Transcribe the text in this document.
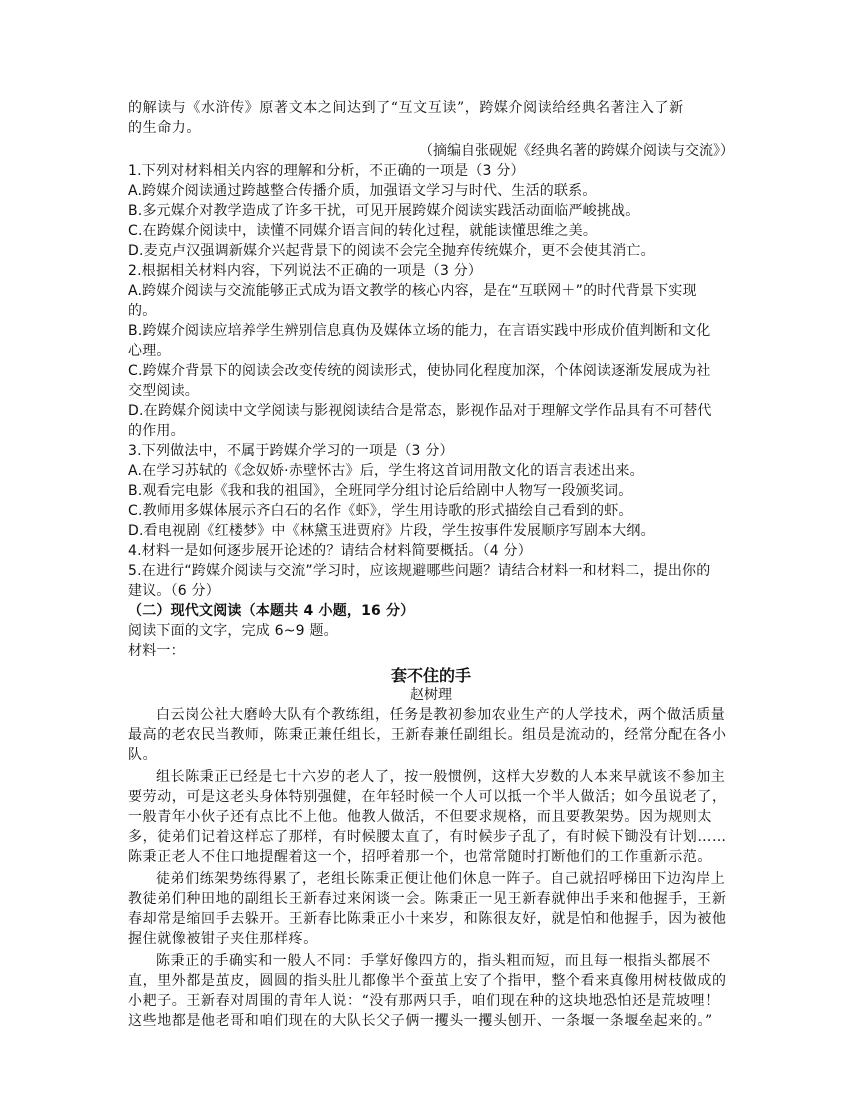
的解读与《水浒传》原著文本之间达到了“互文互读”，跨媒介阅读给经典名著注入了新
的生命力。
（摘编自张砚妮《经典名著的跨媒介阅读与交流》）
1.下列对材料相关内容的理解和分析，不正确的一项是（3 分）
A.跨媒介阅读通过跨越整合传播介质，加强语文学习与时代、生活的联系。
B.多元媒介对教学造成了许多干扰，可见开展跨媒介阅读实践活动面临严峻挑战。
C.在跨媒介阅读中，读懂不同媒介语言间的转化过程，就能读懂思维之美。
D.麦克卢汉强调新媒介兴起背景下的阅读不会完全抛弃传统媒介，更不会使其消亡。
2.根据相关材料内容，下列说法不正确的一项是（3 分）
A.跨媒介阅读与交流能够正式成为语文教学的核心内容，是在“互联网＋”的时代背景下实现
的。
B.跨媒介阅读应培养学生辨别信息真伪及媒体立场的能力，在言语实践中形成价值判断和文化
心理。
C.跨媒介背景下的阅读会改变传统的阅读形式，使协同化程度加深，个体阅读逐渐发展成为社
交型阅读。
D.在跨媒介阅读中文学阅读与影视阅读结合是常态，影视作品对于理解文学作品具有不可替代
的作用。
3.下列做法中，不属于跨媒介学习的一项是（3 分）
A.在学习苏轼的《念奴娇·赤壁怀古》后，学生将这首词用散文化的语言表述出来。
B.观看完电影《我和我的祖国》，全班同学分组讨论后给剧中人物写一段颁奖词。
C.教师用多媒体展示齐白石的名作《虾》，学生用诗歌的形式描绘自己看到的虾。
D.看电视剧《红楼梦》中《林黛玉进贾府》片段，学生按事件发展顺序写剧本大纲。
4.材料一是如何逐步展开论述的？请结合材料简要概括。（4 分）
5.在进行“跨媒介阅读与交流”学习时，应该规避哪些问题？请结合材料一和材料二，提出你的
建议。（6 分）
（二）现代文阅读（本题共 4 小题，16 分）
阅读下面的文字，完成 6~9 题。
材料一：
套不住的手
赵树理
白云岗公社大磨岭大队有个教练组，任务是教初参加农业生产的人学技术，两个做活质量
最高的老农民当教师，陈秉正兼任组长，王新春兼任副组长。组员是流动的，经常分配在各小
队。
组长陈秉正已经是七十六岁的老人了，按一般惯例，这样大岁数的人本来早就该不参加主
要劳动，可是这老头身体特别强健，在年轻时候一个人可以抵一个半人做活；如今虽说老了，
一般青年小伙子还有点比不上他。他教人做活，不但要求规格，而且要教架势。因为规则太
多，徒弟们记着这样忘了那样，有时候腰太直了，有时候步子乱了，有时候下锄没有计划……
陈秉正老人不住口地提醒着这一个，招呼着那一个，也常常随时打断他们的工作重新示范。
徒弟们练架势练得累了，老组长陈秉正便让他们休息一阵子。自己就招呼梯田下边沟岸上
教徒弟们种田地的副组长王新春过来闲谈一会。陈秉正一见王新春就伸出手来和他握手，王新
春却常是缩回手去躲开。王新春比陈秉正小十来岁，和陈很友好，就是怕和他握手，因为被他
握住就像被钳子夹住那样疼。
陈秉正的手确实和一般人不同：手掌好像四方的，指头粗而短，而且每一根指头都展不
直，里外都是茧皮，圆圆的指头肚儿都像半个蚕茧上安了个指甲，整个看来真像用树枝做成的
小耙子。王新春对周围的青年人说：“没有那两只手，咱们现在种的这块地恐怕还是荒坡哩！
这些地都是他老哥和咱们现在的大队长父子俩一攫头一攫头刨开、一条堰一条堰垒起来的。”
